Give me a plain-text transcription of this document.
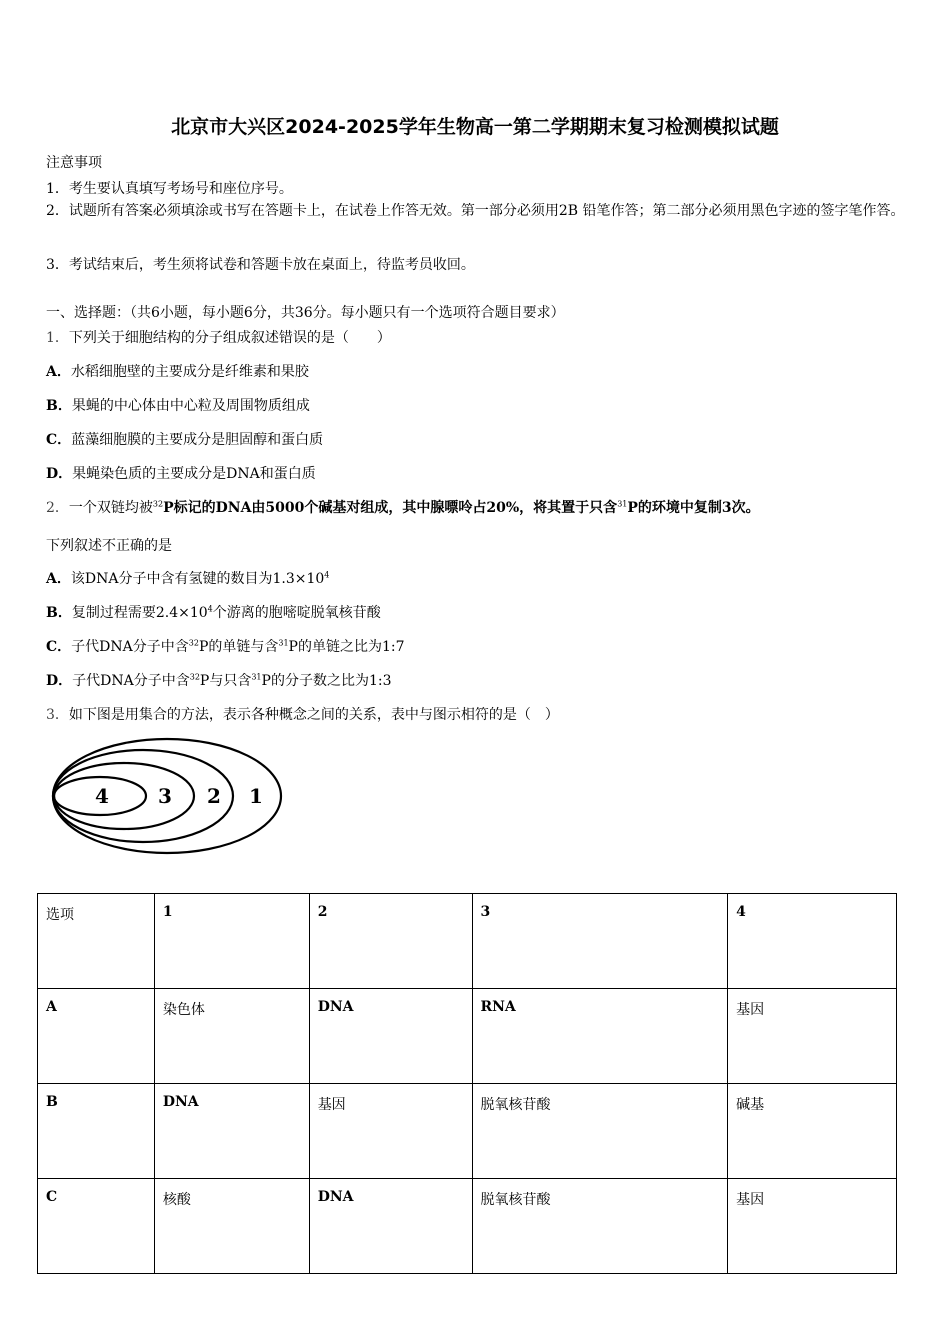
北京市大兴区2024-2025学年生物高一第二学期期末复习检测模拟试题
注意事项
1．考生要认真填写考场号和座位序号。
2．试题所有答案必须填涂或书写在答题卡上，在试卷上作答无效。第一部分必须用2B 铅笔作答；第二部分必须用黑色字迹的签字笔作答。
3．考试结束后，考生须将试卷和答题卡放在桌面上，待监考员收回。
一、选择题：（共6小题，每小题6分，共36分。每小题只有一个选项符合题目要求）
1．下列关于细胞结构的分子组成叙述错误的是（　　）
A．水稻细胞壁的主要成分是纤维素和果胶
B．果蝇的中心体由中心粒及周围物质组成
C．蓝藻细胞膜的主要成分是胆固醇和蛋白质
D．果蝇染色质的主要成分是DNA和蛋白质
2．一个双链均被$^{32}$P标记的DNA由5000个碱基对组成，其中腺嘌呤占20%，将其置于只含$^{31}$P的环境中复制3次。
下列叙述不正确的是
A．该DNA分子中含有氢键的数目为$1.3\times 10^4$
B．复制过程需要$2.4\times 10^4$个游离的胞嘧啶脱氧核苷酸
C．子代DNA分子中含$^{32}$P的单链与含$^{31}$P的单链之比为1:7
D．子代DNA分子中含$^{32}$P与只含$^{31}$P的分子数之比为1:3
3．如下图是用集合的方法，表示各种概念之间的关系，表中与图示相符的是（　）
4 3 2 1
选项	1	2	3	4
A	染色体	DNA	RNA	基因
B	DNA	基因	脱氧核苷酸	碱基
C	核酸	DNA	脱氧核苷酸	基因
